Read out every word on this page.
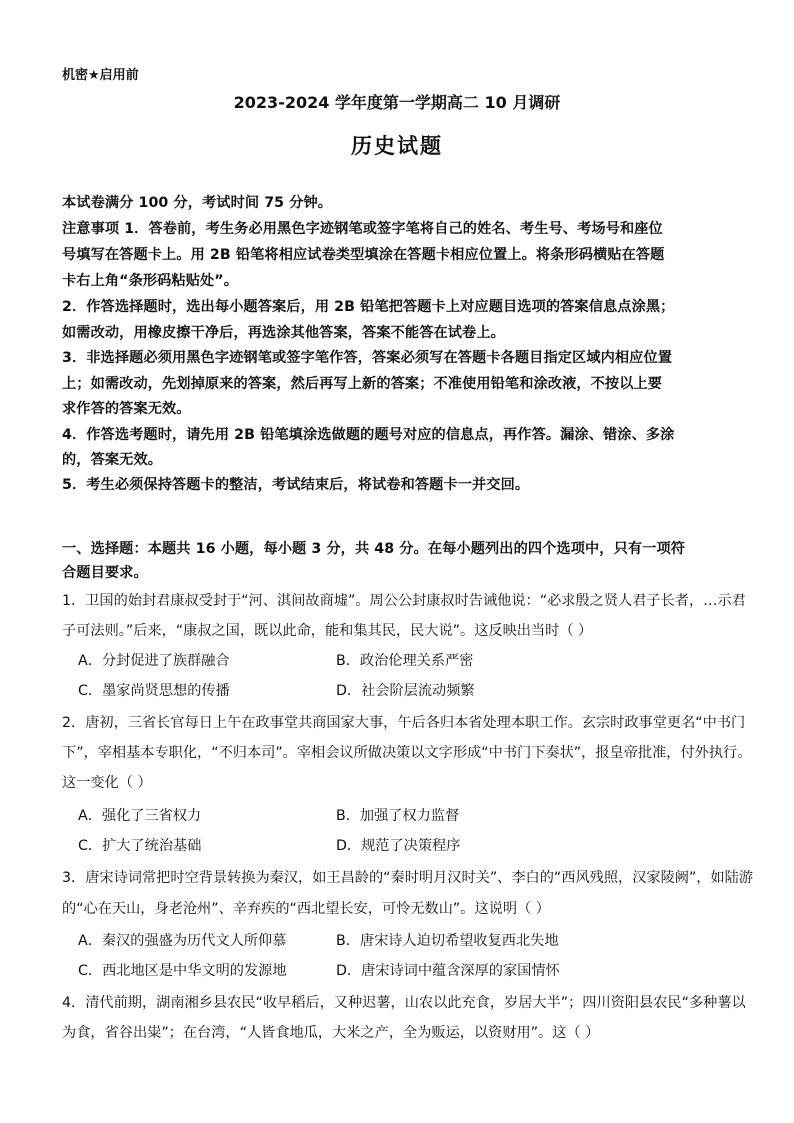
机密★启用前
2023-2024 学年度第一学期高二 10 月调研
历史试题
本试卷满分 100 分，考试时间 75 分钟。
注意事项 1．答卷前，考生务必用黑色字迹钢笔或签字笔将自己的姓名、考生号、考场号和座位
号填写在答题卡上。用 2B 铅笔将相应试卷类型填涂在答题卡相应位置上。将条形码横贴在答题
卡右上角“条形码粘贴处”。
2．作答选择题时，选出每小题答案后，用 2B 铅笔把答题卡上对应题目选项的答案信息点涂黑；
如需改动，用橡皮擦干净后，再选涂其他答案，答案不能答在试卷上。
3．非选择题必须用黑色字迹钢笔或签字笔作答，答案必须写在答题卡各题目指定区域内相应位置
上；如需改动，先划掉原来的答案，然后再写上新的答案；不准使用铅笔和涂改液，不按以上要
求作答的答案无效。
4．作答选考题时，请先用 2B 铅笔填涂选做题的题号对应的信息点，再作答。漏涂、错涂、多涂
的，答案无效。
5．考生必须保持答题卡的整洁，考试结束后，将试卷和答题卡一并交回。
一、选择题：本题共 16 小题，每小题 3 分，共 48 分。在每小题列出的四个选项中，只有一项符
合题目要求。
1．卫国的始封君康叔受封于“河、淇间故商墟”。周公公封康叔时告诫他说：“必求殷之贤人君子长者，…示君
子可法则。”后来，“康叔之国，既以此命，能和集其民，民大说”。这反映出当时（ ）
A．分封促进了族群融合	B．政治伦理关系严密
C．墨家尚贤思想的传播	D．社会阶层流动频繁
2．唐初，三省长官每日上午在政事堂共商国家大事，午后各归本省处理本职工作。玄宗时政事堂更名“中书门
下”，宰相基本专职化，“不归本司”。宰相会议所做决策以文字形成“中书门下奏状”，报皇帝批准，付外执行。
这一变化（ ）
A．强化了三省权力	B．加强了权力监督
C．扩大了统治基础	D．规范了决策程序
3．唐宋诗词常把时空背景转换为秦汉，如王昌龄的“秦时明月汉时关”、李白的“西风残照，汉家陵阙”，如陆游
的“心在天山，身老沧州”、辛弃疾的“西北望长安，可怜无数山”。这说明（ ）
A．秦汉的强盛为历代文人所仰慕	B．唐宋诗人迫切希望收复西北失地
C．西北地区是中华文明的发源地	D．唐宋诗词中蕴含深厚的家国情怀
4．清代前期，湖南湘乡县农民“收早稻后，又种迟薯，山农以此充食，岁居大半”；四川资阳县农民“多种薯以
为食，省谷出粜”；在台湾，“人皆食地瓜，大米之产，全为贩运，以资财用”。这（ ）
